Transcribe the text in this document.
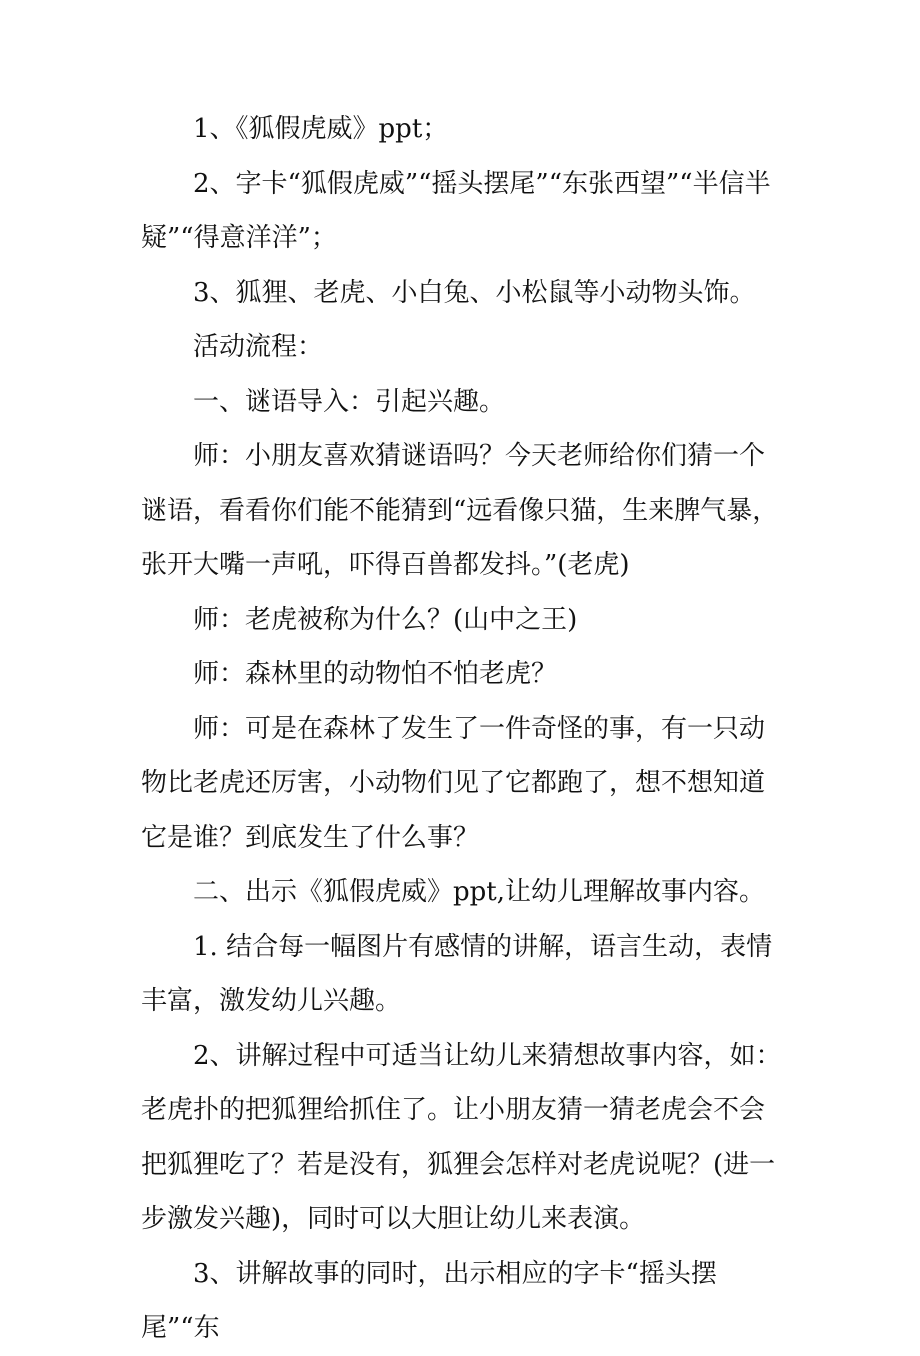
1、《狐假虎威》ppt；

2、字卡“狐假虎威”“摇头摆尾”“东张西望”“半信半疑”“得意洋洋”；

3、狐狸、老虎、小白兔、小松鼠等小动物头饰。

活动流程：

一、谜语导入：引起兴趣。

师：小朋友喜欢猜谜语吗？今天老师给你们猜一个谜语，看看你们能不能猜到“远看像只猫，生来脾气暴，张开大嘴一声吼，吓得百兽都发抖。”(老虎)

师：老虎被称为什么？(山中之王)

师：森林里的动物怕不怕老虎？

师：可是在森林了发生了一件奇怪的事，有一只动物比老虎还厉害，小动物们见了它都跑了，想不想知道它是谁？到底发生了什么事？

二、出示《狐假虎威》ppt,让幼儿理解故事内容。

1. 结合每一幅图片有感情的讲解，语言生动，表情丰富，激发幼儿兴趣。

2、讲解过程中可适当让幼儿来猜想故事内容，如：老虎扑的把狐狸给抓住了。让小朋友猜一猜老虎会不会把狐狸吃了？若是没有，狐狸会怎样对老虎说呢？(进一步激发兴趣)，同时可以大胆让幼儿来表演。

3、讲解故事的同时，出示相应的字卡“摇头摆尾”“东
